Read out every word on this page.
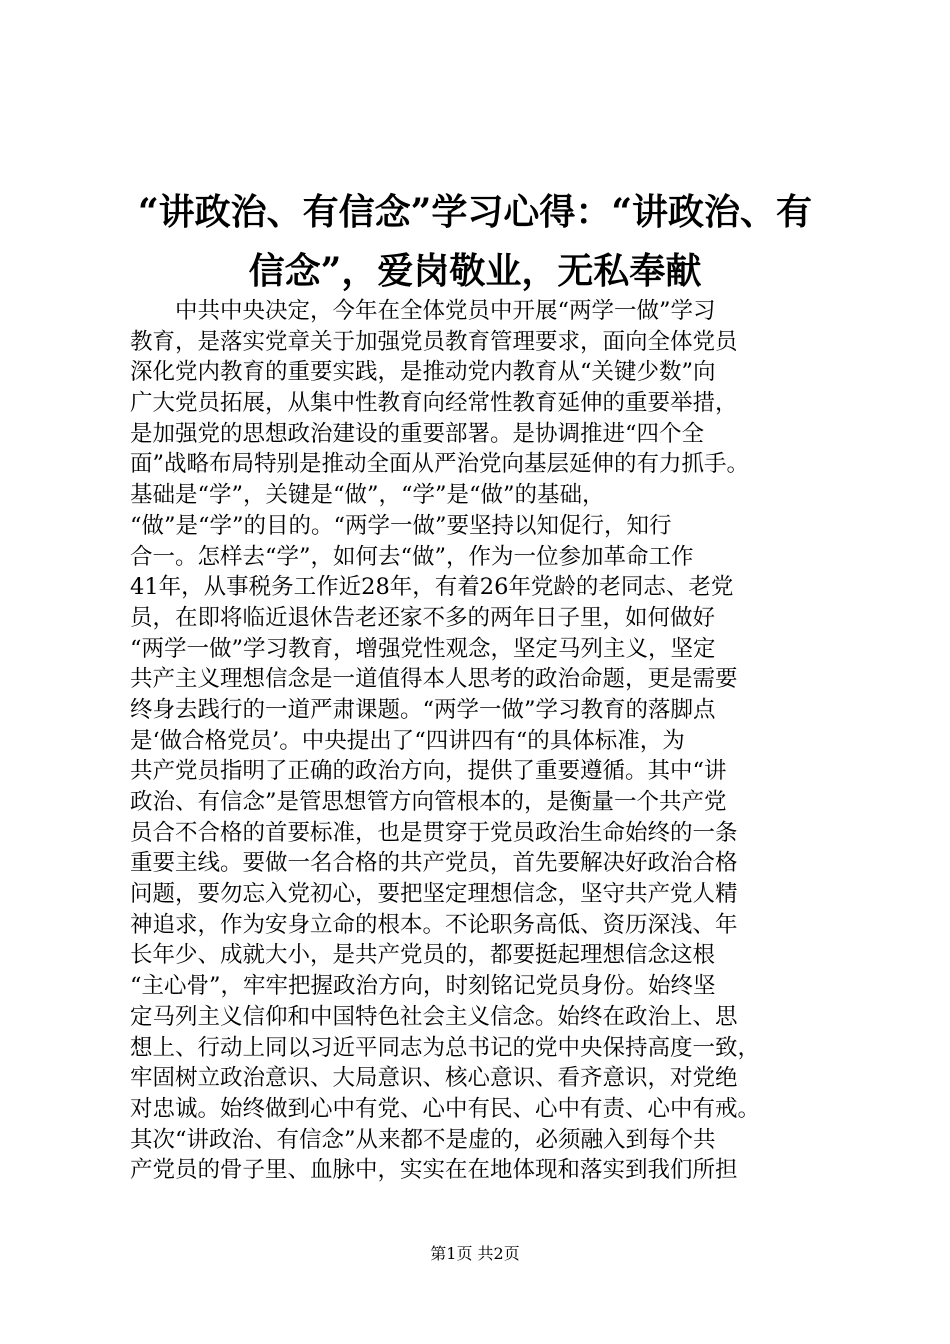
“讲政治、有信念”学习心得：“讲政治、有
信念”，爱岗敬业，无私奉献
　　中共中央决定，今年在全体党员中开展“两学一做”学习
教育，是落实党章关于加强党员教育管理要求，面向全体党员
深化党内教育的重要实践，是推动党内教育从“关键少数”向
广大党员拓展，从集中性教育向经常性教育延伸的重要举措，
是加强党的思想政治建设的重要部署。是协调推进“四个全
面”战略布局特别是推动全面从严治党向基层延伸的有力抓手。
基础是“学”，关键是“做”，“学”是“做”的基础，
“做”是“学”的目的。“两学一做”要坚持以知促行，知行
合一。怎样去“学”，如何去“做”，作为一位参加革命工作
41年，从事税务工作近28年，有着26年党龄的老同志、老党
员，在即将临近退休告老还家不多的两年日子里，如何做好
“两学一做”学习教育，增强党性观念，坚定马列主义，坚定
共产主义理想信念是一道值得本人思考的政治命题，更是需要
终身去践行的一道严肃课题。“两学一做”学习教育的落脚点
是‘做合格党员’。中央提出了“四讲四有“的具体标准，为
共产党员指明了正确的政治方向，提供了重要遵循。其中“讲
政治、有信念”是管思想管方向管根本的，是衡量一个共产党
员合不合格的首要标准，也是贯穿于党员政治生命始终的一条
重要主线。要做一名合格的共产党员，首先要解决好政治合格
问题，要勿忘入党初心，要把坚定理想信念，坚守共产党人精
神追求，作为安身立命的根本。不论职务高低、资历深浅、年
长年少、成就大小，是共产党员的，都要挺起理想信念这根
“主心骨”，牢牢把握政治方向，时刻铭记党员身份。始终坚
定马列主义信仰和中国特色社会主义信念。始终在政治上、思
想上、行动上同以习近平同志为总书记的党中央保持高度一致，
牢固树立政治意识、大局意识、核心意识、看齐意识，对党绝
对忠诚。始终做到心中有党、心中有民、心中有责、心中有戒。
其次“讲政治、有信念”从来都不是虚的，必须融入到每个共
产党员的骨子里、血脉中，实实在在地体现和落实到我们所担
第1页 共2页
